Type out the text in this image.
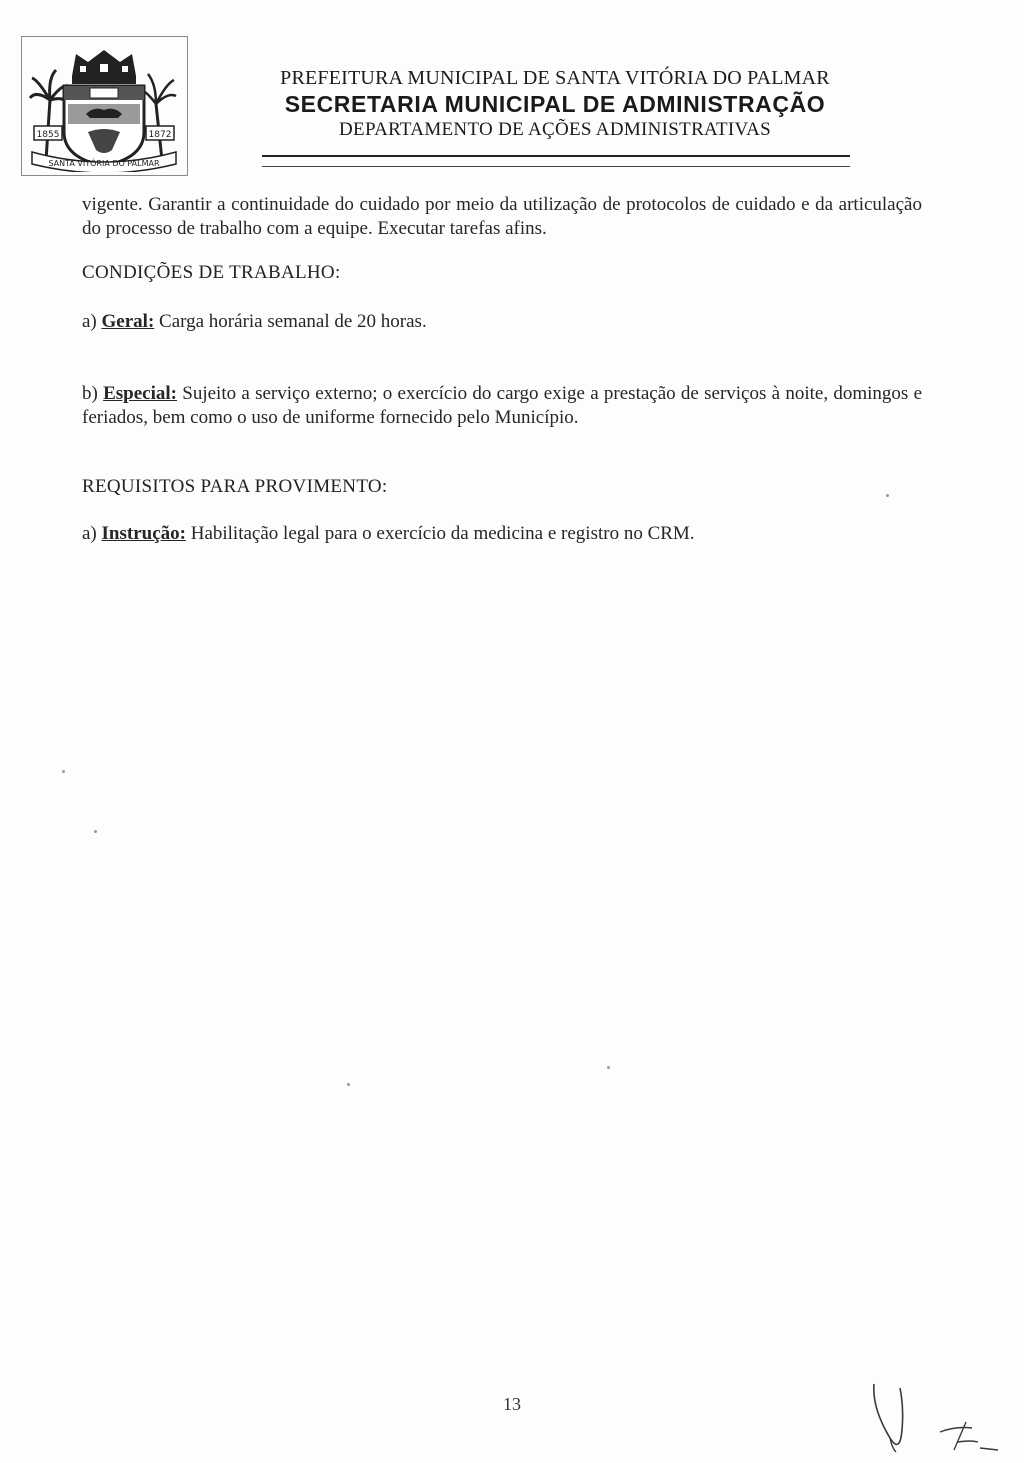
1855	1872
SANTA VITÓRIA DO PALMAR
PREFEITURA MUNICIPAL DE SANTA VITÓRIA DO PALMAR
SECRETARIA MUNICIPAL DE ADMINISTRAÇÃO
DEPARTAMENTO DE AÇÕES ADMINISTRATIVAS
vigente. Garantir a continuidade do cuidado por meio da utilização de protocolos de cuidado e da articulação do processo de trabalho com a equipe. Executar tarefas afins.
CONDIÇÕES DE TRABALHO:
a) Geral: Carga horária semanal de 20 horas.
b) Especial: Sujeito a serviço externo; o exercício do cargo exige a prestação de serviços à noite, domingos e feriados, bem como o uso de uniforme fornecido pelo Município.
REQUISITOS PARA PROVIMENTO:
a) Instrução: Habilitação legal para o exercício da medicina e registro no CRM.
13
